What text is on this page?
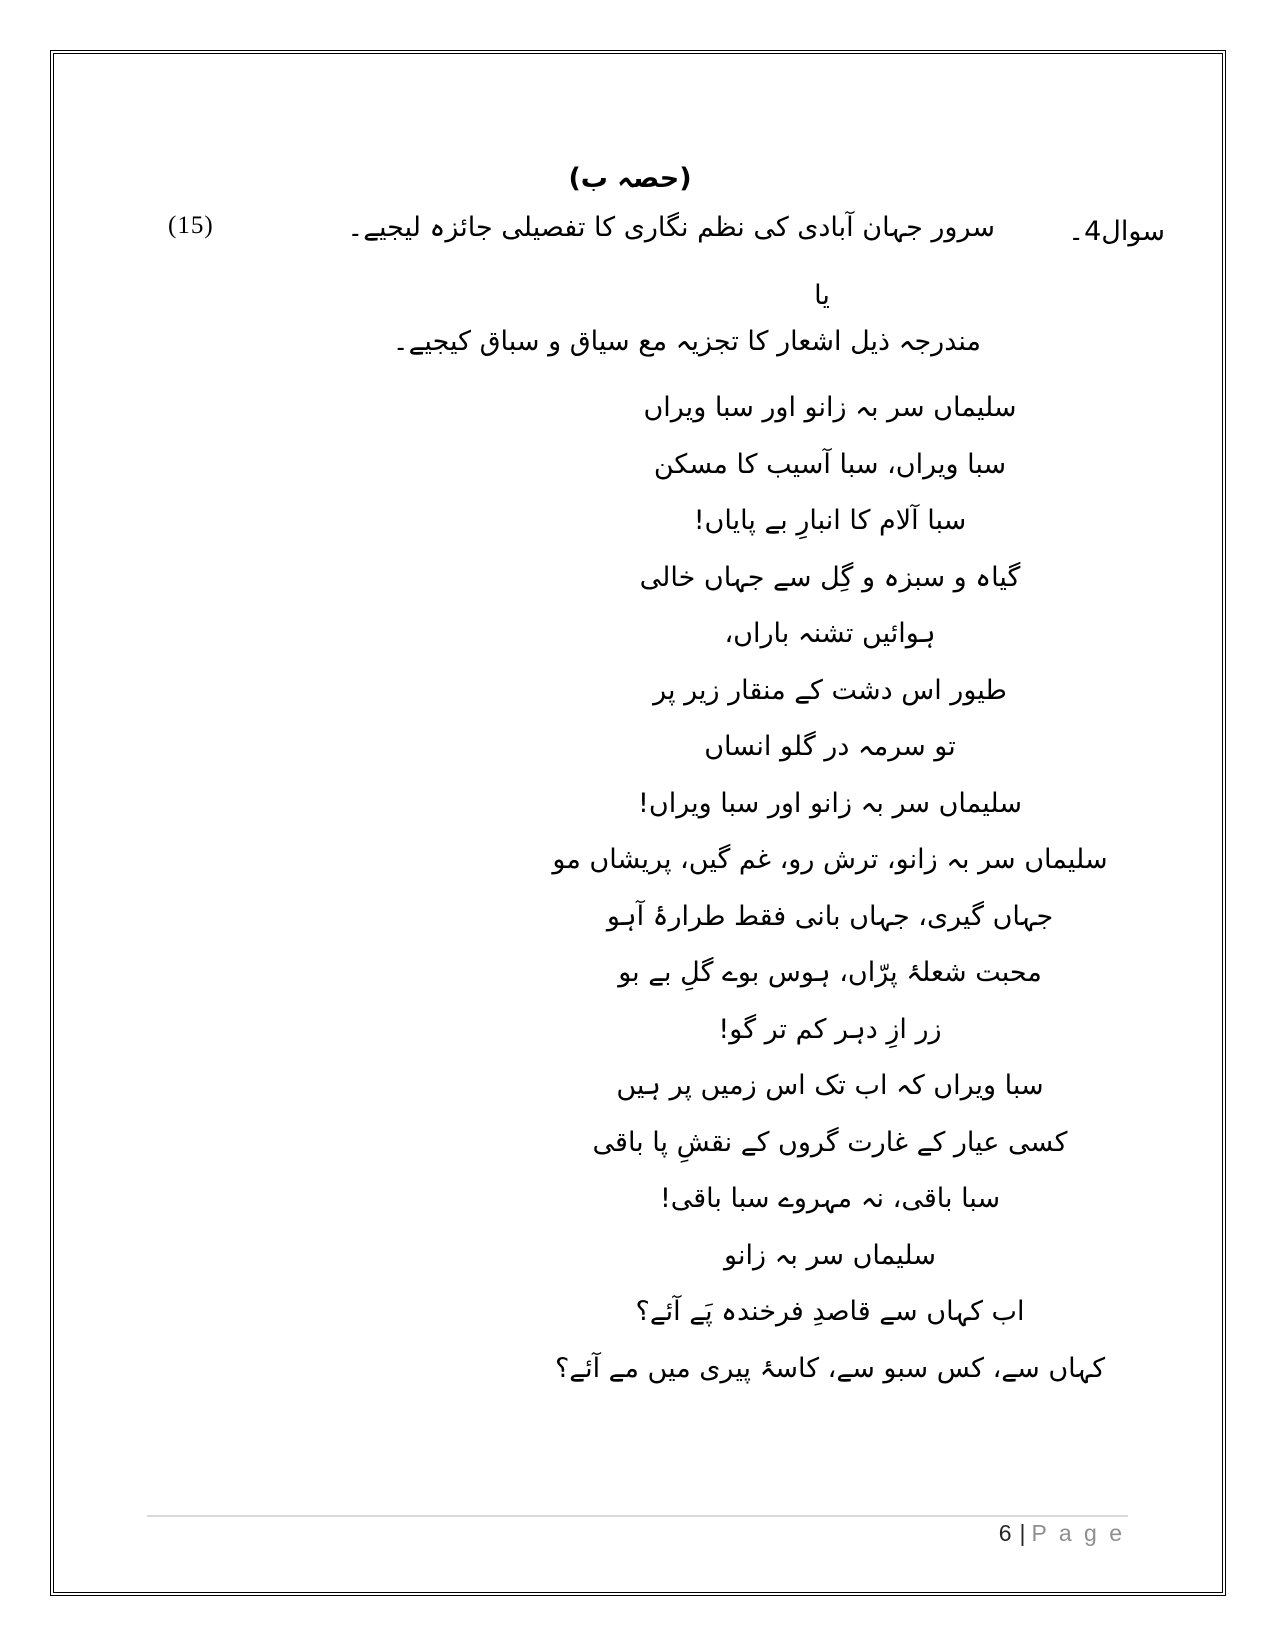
(حصہ ب)
(15)	سرور جہان آبادی کی نظم نگاری کا تفصیلی جائزہ لیجیے۔	سوال4۔
یا
مندرجہ ذیل اشعار کا تجزیہ مع سیاق و سباق کیجیے۔
سلیماں سر بہ زانو اور سبا ویراں
سبا ویراں، سبا آسیب کا مسکن
سبا آلام کا انبارِ بے پایاں!
گیاہ و سبزہ و گِل سے جہاں خالی
ہوائیں تشنہ باراں،
طیور اس دشت کے منقار زیر پر
تو سرمہ در گلو انساں
سلیماں سر بہ زانو اور سبا ویراں!
سلیماں سر بہ زانو، ترش رو، غم گیں، پریشاں مو
جہاں گیری، جہاں بانی فقط طرارۂ آہو
محبت شعلۂ پرّاں، ہوس بوے گلِ بے بو
زر ازِ دہر کم تر گو!
سبا ویراں کہ اب تک اس زمیں پر ہیں
کسی عیار کے غارت گروں کے نقشِ پا باقی
سبا باقی، نہ مہروے سبا باقی!
سلیماں سر بہ زانو
اب کہاں سے قاصدِ فرخندہ پَے آئے؟
کہاں سے، کس سبو سے، کاسۂ پیری میں مے آئے؟
6 | P a g e
